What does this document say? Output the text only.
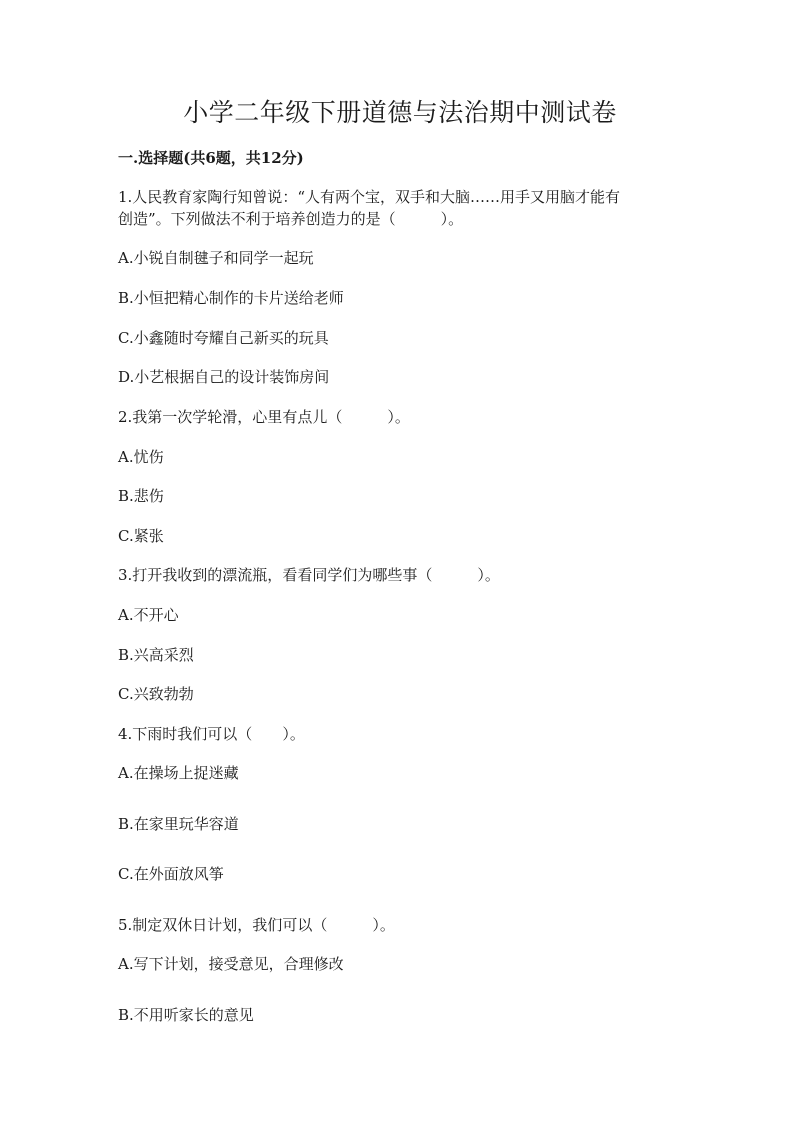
小学二年级下册道德与法治期中测试卷
一.选择题(共6题，共12分)
1.人民教育家陶行知曾说：“人有两个宝，双手和大脑……用手又用脑才能有
创造”。下列做法不利于培养创造力的是（　　　）。
A.小锐自制毽子和同学一起玩
B.小恒把精心制作的卡片送给老师
C.小鑫随时夸耀自己新买的玩具
D.小艺根据自己的设计装饰房间
2.我第一次学轮滑，心里有点儿（　　　）。
A.忧伤
B.悲伤
C.紧张
3.打开我收到的漂流瓶，看看同学们为哪些事（　　　）。
A.不开心
B.兴高采烈
C.兴致勃勃
4.下雨时我们可以（　　）。
A.在操场上捉迷藏
B.在家里玩华容道
C.在外面放风筝
5.制定双休日计划，我们可以（　　　）。
A.写下计划，接受意见，合理修改
B.不用听家长的意见
